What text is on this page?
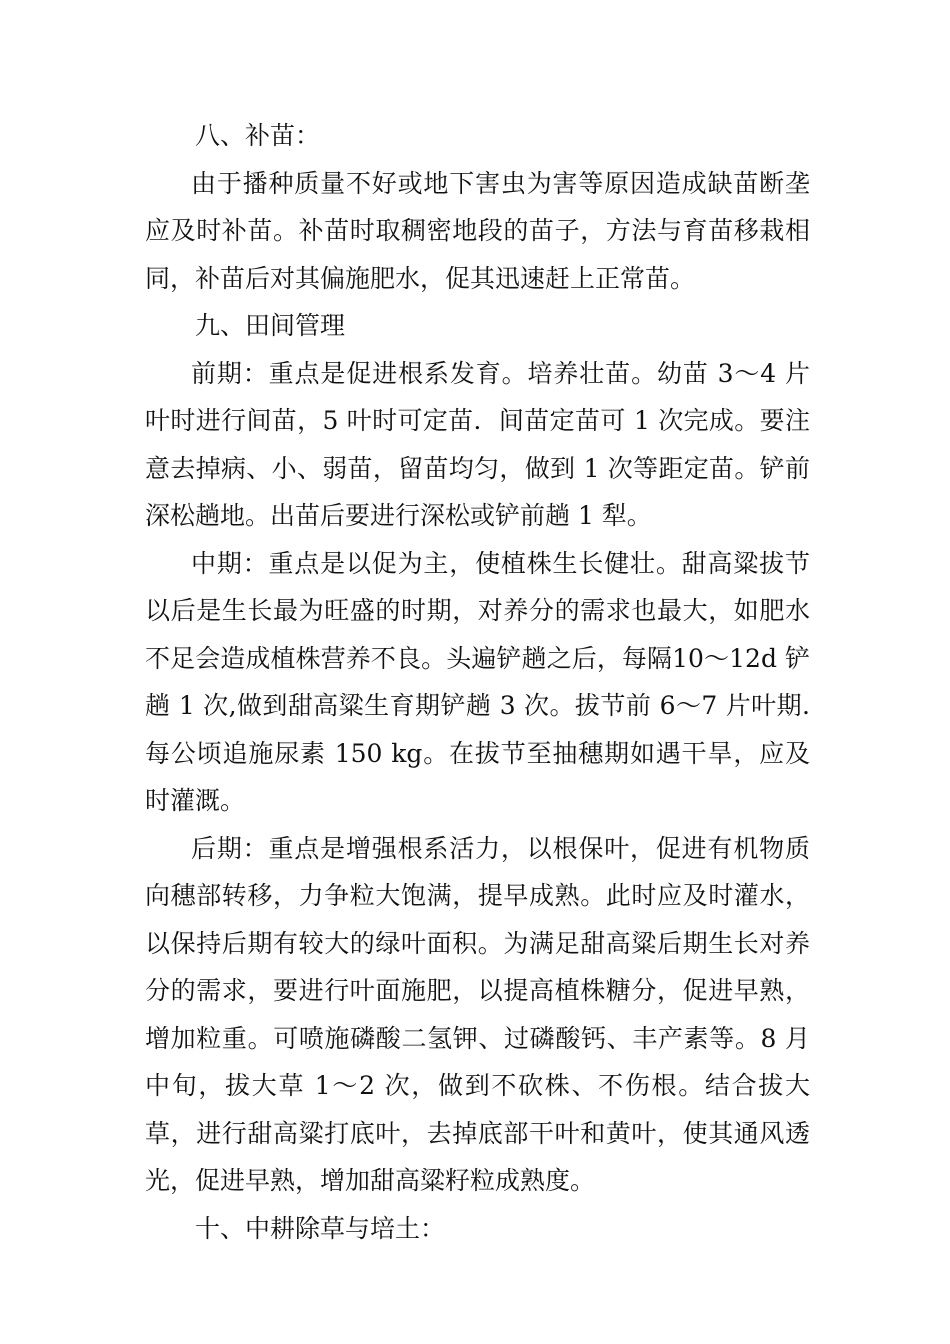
八、补苗：

由于播种质量不好或地下害虫为害等原因造成缺苗断垄应及时补苗。补苗时取稠密地段的苗子，方法与育苗移栽相同，补苗后对其偏施肥水，促其迅速赶上正常苗。

九、田间管理

前期：重点是促进根系发育。培养壮苗。幼苗 3～4 片叶时进行间苗，5 叶时可定苗．间苗定苗可 1 次完成。要注意去掉病、小、弱苗，留苗均匀，做到 1 次等距定苗。铲前深松趟地。出苗后要进行深松或铲前趟 1 犁。

中期：重点是以促为主，使植株生长健壮。甜高粱拔节以后是生长最为旺盛的时期，对养分的需求也最大，如肥水不足会造成植株营养不良。头遍铲趟之后，每隔10～12d 铲趟 1 次,做到甜高粱生育期铲趟 3 次。拔节前 6～7 片叶期.每公顷追施尿素 150 kg。在拔节至抽穗期如遇干旱，应及时灌溉。

后期：重点是增强根系活力，以根保叶，促进有机物质向穗部转移，力争粒大饱满，提早成熟。此时应及时灌水，以保持后期有较大的绿叶面积。为满足甜高粱后期生长对养分的需求，要进行叶面施肥，以提高植株糖分，促进早熟，增加粒重。可喷施磷酸二氢钾、过磷酸钙、丰产素等。8 月中旬，拔大草 1～2 次，做到不砍株、不伤根。结合拔大草，进行甜高粱打底叶，去掉底部干叶和黄叶，使其通风透光，促进早熟，增加甜高粱籽粒成熟度。

十、中耕除草与培土：
